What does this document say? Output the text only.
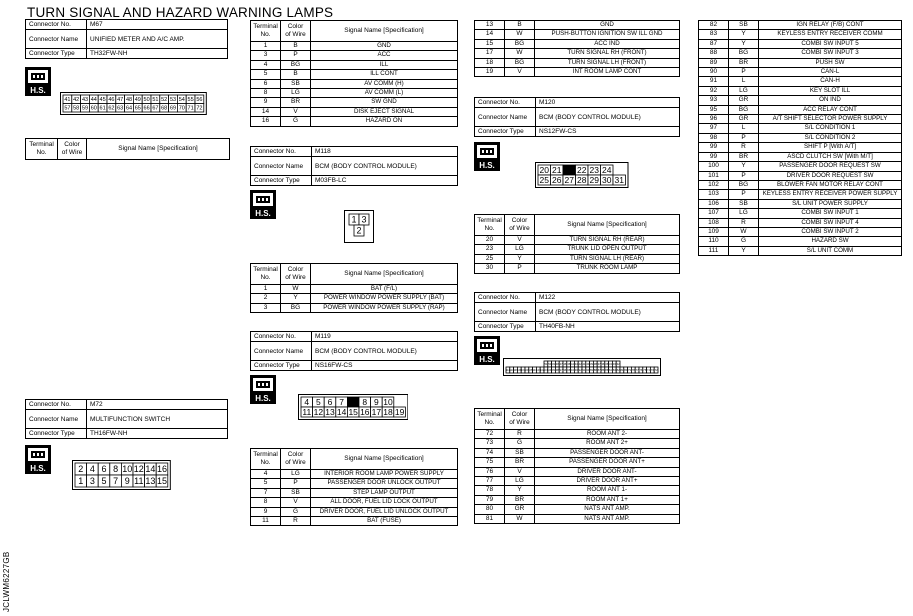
TURN SIGNAL AND HAZARD WARNING LAMPS
JCLWM6227GB
Connector No.	M67
Connector Name	UNIFIED METER AND A/C AMP.
Connector Type	TH32FW-NH
Connector No.	M72
Connector Name	MULTIFUNCTION SWITCH
Connector Type	TH16FW-NH
Connector No.	M118
Connector Name	BCM (BODY CONTROL MODULE)
Connector Type	M03FB-LC
Connector No.	M119
Connector Name	BCM (BODY CONTROL MODULE)
Connector Type	NS16FW-CS
Connector No.	M120
Connector Name	BCM (BODY CONTROL MODULE)
Connector Type	NS12FW-CS
Connector No.	M122
Connector Name	BCM (BODY CONTROL MODULE)
Connector Type	TH40FB-NH
H.S.
H.S.
H.S.
H.S.
H.S.
H.S.
41 42 43 44 45 46 47 48 49 50 51 52 53 54 55 56
57 58 59 60 61 62 63 64 65 66 67 68 69 70 71 72
2 4 6 8 10 12 14 16
1 3 5 7 9 11 13 15
1 3
2
4 5 6 7 8 9 10
11 12 13 14 15 16 17 18 19
20 21 22 23 24
25 26 27 28 29 30 31
51 50 49 48 47 46 45 44 43 42 41 40 39 38 37 36 35 34 33 32
111 110 109 108 107 106 105 104 103 102 101 100 99 98 97 96 95 94 93 92 91 90 89 88 87 86 85 84 83 82 81 80 79 78 77 76 75 74 73 72
Terminal
No.	Color
of Wire	Signal Name [Specification]
Terminal
No.	Color
of Wire	Signal Name [Specification]
1	B	GND
3	P	ACC
4	BG	ILL
5	B	ILL CONT
6	SB	AV COMM (H)
8	LG	AV COMM (L)
9	BR	SW GND
14	V	DISK EJECT SIGNAL
16	G	HAZARD ON
Terminal
No.	Color
of Wire	Signal Name [Specification]
1	W	BAT (F/L)
2	Y	POWER WINDOW POWER SUPPLY (BAT)
3	BG	POWER WINDOW POWER SUPPLY (RAP)
Terminal
No.	Color
of Wire	Signal Name [Specification]
4	LG	INTERIOR ROOM LAMP POWER SUPPLY
5	P	PASSENGER DOOR UNLOCK OUTPUT
7	SB	STEP LAMP OUTPUT
8	V	ALL DOOR, FUEL LID LOCK OUTPUT
9	G	DRIVER DOOR, FUEL LID UNLOCK OUTPUT
11	R	BAT (FUSE)
13	B	GND
14	W	PUSH-BUTTON IGNITION SW ILL GND
15	BG	ACC IND
17	W	TURN SIGNAL RH (FRONT)
18	BG	TURN SIGNAL LH (FRONT)
19	V	INT ROOM LAMP CONT
Terminal
No.	Color
of Wire	Signal Name [Specification]
20	V	TURN SIGNAL RH (REAR)
23	LG	TRUNK LID OPEN OUTPUT
25	Y	TURN SIGNAL LH (REAR)
30	P	TRUNK ROOM LAMP
Terminal
No.	Color
of Wire	Signal Name [Specification]
72	R	ROOM ANT 2-
73	G	ROOM ANT 2+
74	SB	PASSENGER DOOR ANT-
75	BR	PASSENGER DOOR ANT+
76	V	DRIVER DOOR ANT-
77	LG	DRIVER DOOR ANT+
78	Y	ROOM ANT 1-
79	BR	ROOM ANT 1+
80	GR	NATS ANT AMP.
81	W	NATS ANT AMP.
82	SB	IGN RELAY (F/B) CONT
83	Y	KEYLESS ENTRY RECEIVER COMM
87	Y	COMBI SW INPUT 5
88	BG	COMBI SW INPUT 3
89	BR	PUSH SW
90	P	CAN-L
91	L	CAN-H
92	LG	KEY SLOT ILL
93	GR	ON IND
95	BG	ACC RELAY CONT
96	GR	A/T SHIFT SELECTOR POWER SUPPLY
97	L	S/L CONDITION 1
98	P	S/L CONDITION 2
99	R	SHIFT P [With A/T]
99	BR	ASCD CLUTCH SW [With M/T]
100	Y	PASSENGER DOOR REQUEST SW
101	P	DRIVER DOOR REQUEST SW
102	BG	BLOWER FAN MOTOR RELAY CONT
103	P	KEYLESS ENTRY RECEIVER POWER SUPPLY
106	SB	S/L UNIT POWER SUPPLY
107	LG	COMBI SW INPUT 1
108	R	COMBI SW INPUT 4
109	W	COMBI SW INPUT 2
110	G	HAZARD SW
111	Y	S/L UNIT COMM
